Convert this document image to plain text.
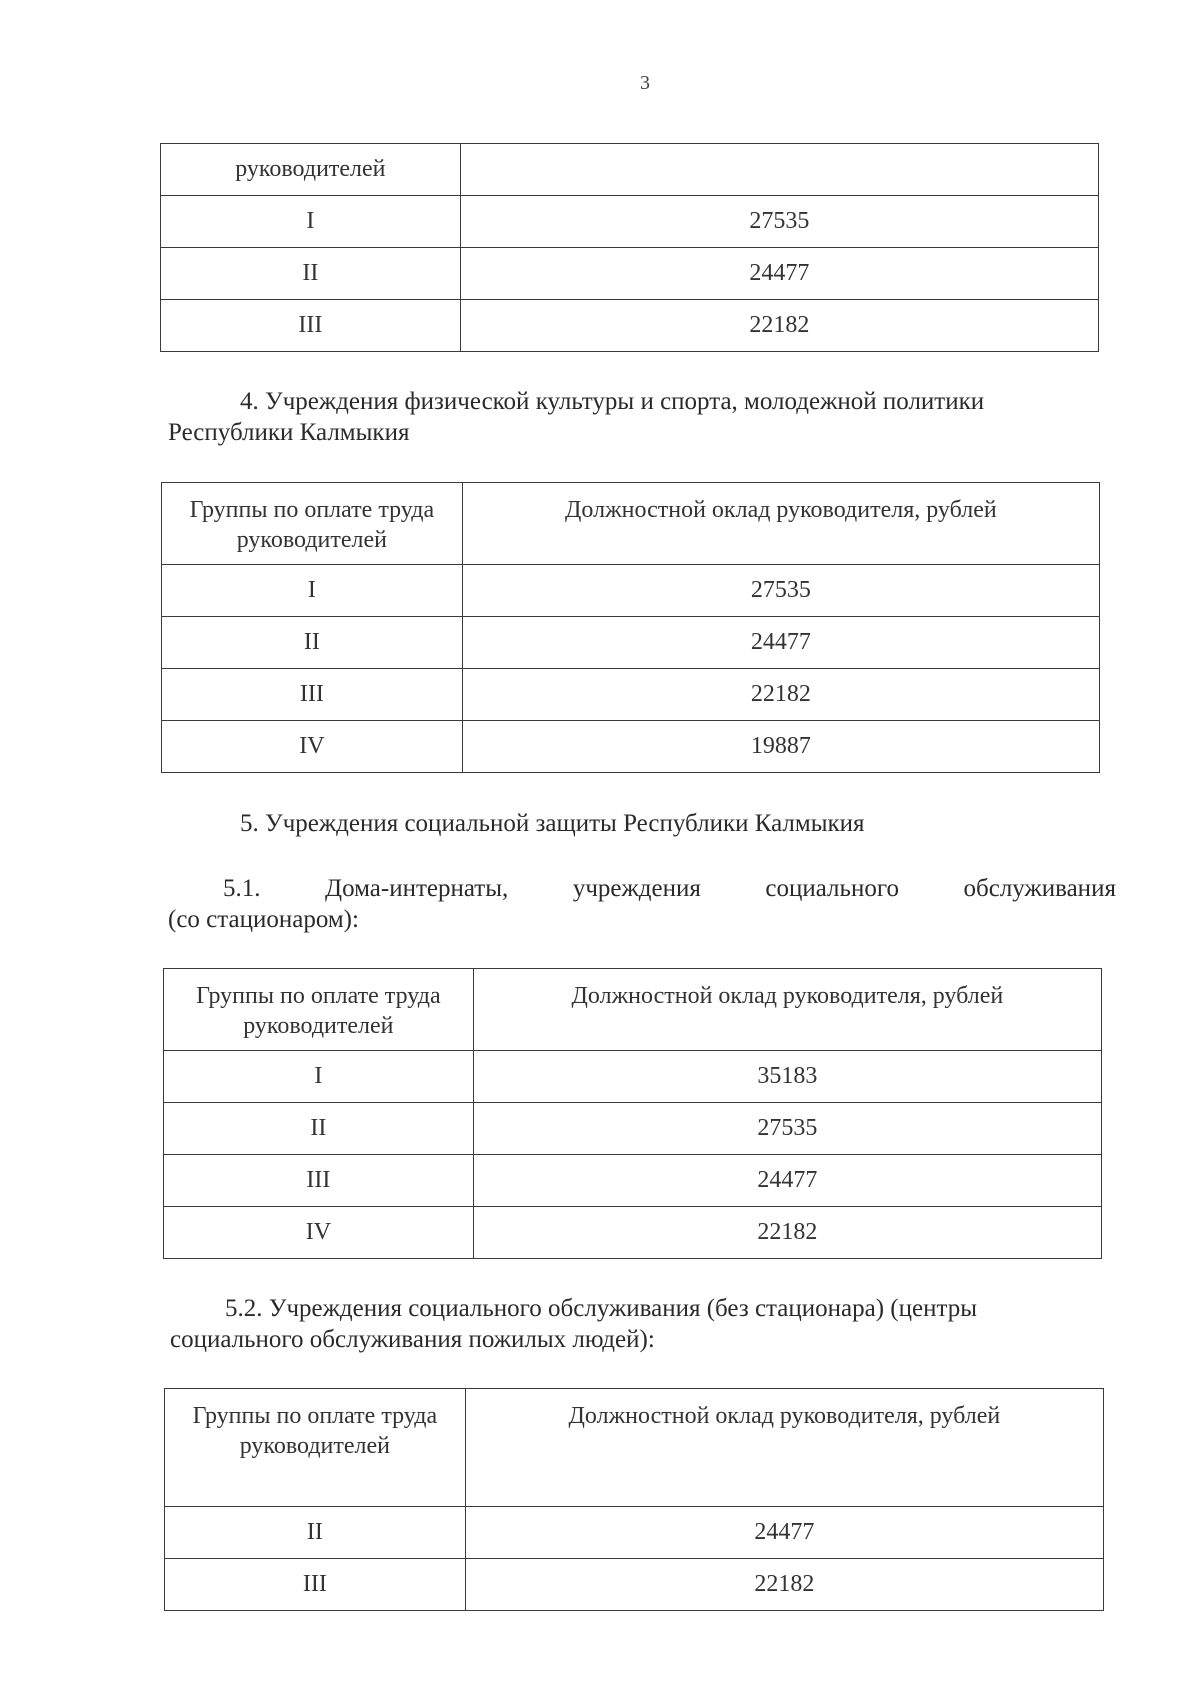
3
руководителей	
I	27535
II	24477
III	22182
4. Учреждения физической культуры и спорта, молодежной политики
Республики Калмыкия
Группы по оплате труда
руководителей	Должностной оклад руководителя, рублей
I	27535
II	24477
III	22182
IV	19887
5. Учреждения социальной защиты Республики Калмыкия
5.1.	Дома-интернаты,	учреждения	социального	обслуживания
(со стационаром):
Группы по оплате труда
руководителей	Должностной оклад руководителя, рублей
I	35183
II	27535
III	24477
IV	22182
5.2. Учреждения социального обслуживания (без стационара) (центры
социального обслуживания пожилых людей):
Группы по оплате труда
руководителей	Должностной оклад руководителя, рублей
II	24477
III	22182
